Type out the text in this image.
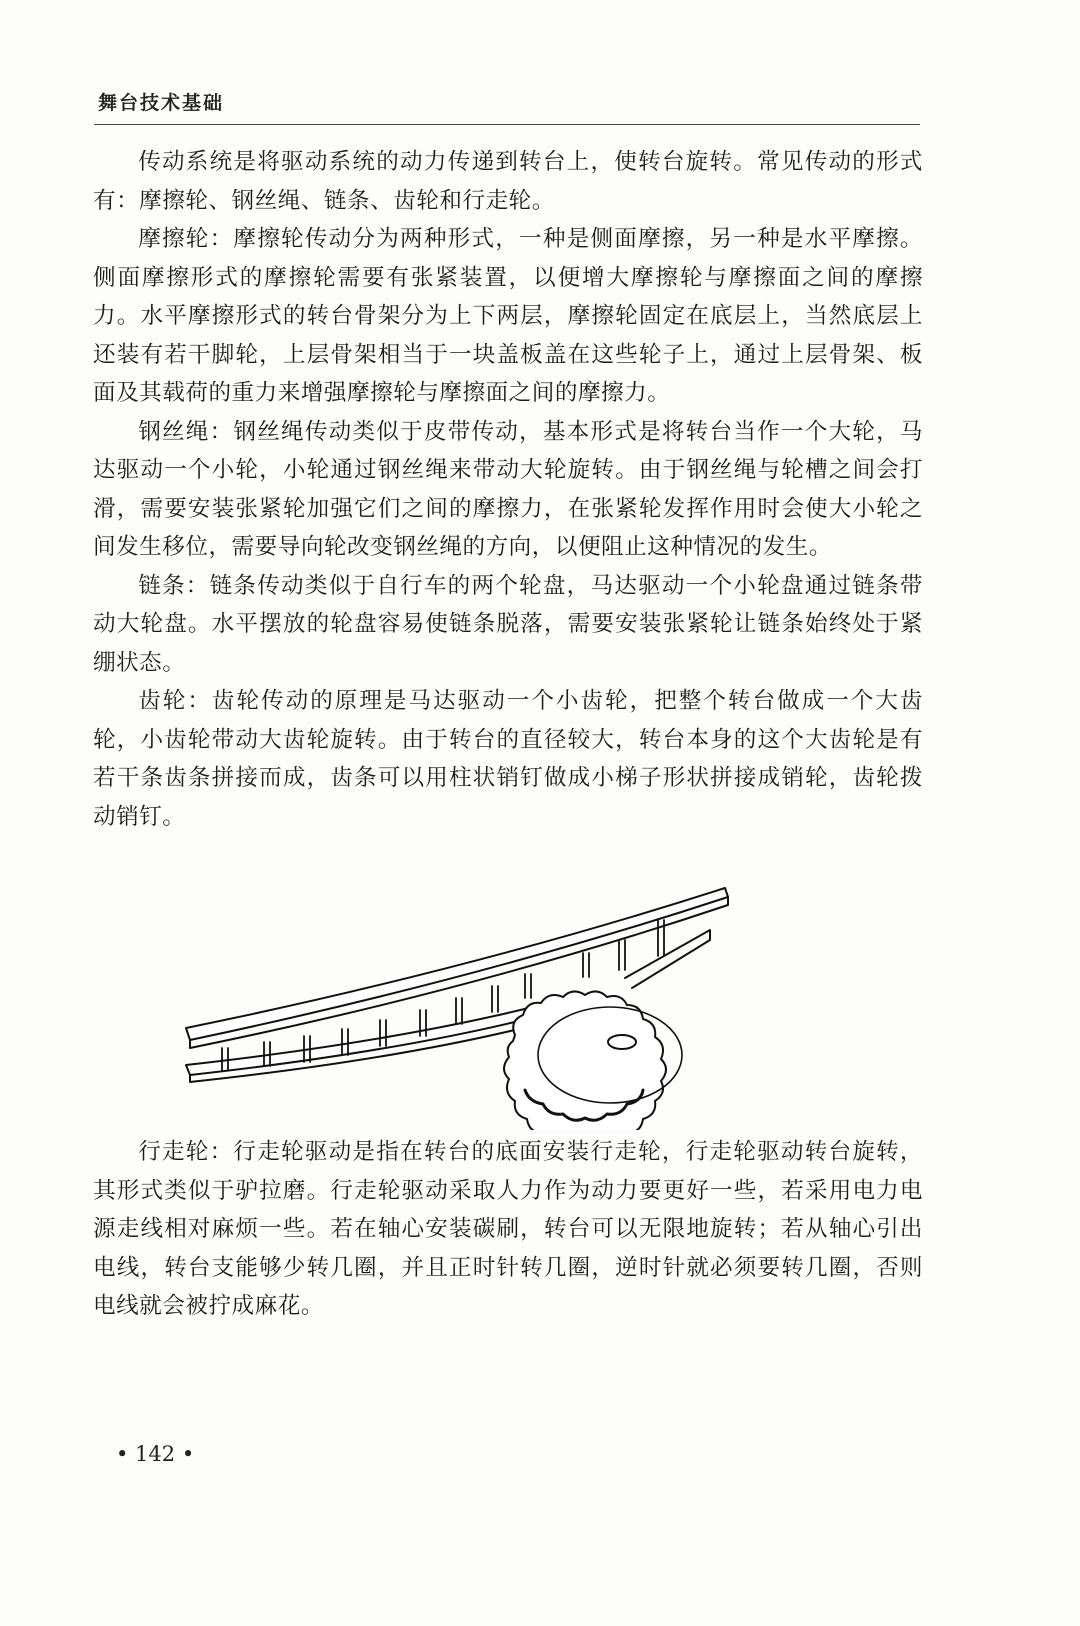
舞台技术基础

传动系统是将驱动系统的动力传递到转台上，使转台旋转。常见传动的形式有：摩擦轮、钢丝绳、链条、齿轮和行走轮。

摩擦轮：摩擦轮传动分为两种形式，一种是侧面摩擦，另一种是水平摩擦。侧面摩擦形式的摩擦轮需要有张紧装置，以便增大摩擦轮与摩擦面之间的摩擦力。水平摩擦形式的转台骨架分为上下两层，摩擦轮固定在底层上，当然底层上还装有若干脚轮，上层骨架相当于一块盖板盖在这些轮子上，通过上层骨架、板面及其载荷的重力来增强摩擦轮与摩擦面之间的摩擦力。

钢丝绳：钢丝绳传动类似于皮带传动，基本形式是将转台当作一个大轮，马达驱动一个小轮，小轮通过钢丝绳来带动大轮旋转。由于钢丝绳与轮槽之间会打滑，需要安装张紧轮加强它们之间的摩擦力，在张紧轮发挥作用时会使大小轮之间发生移位，需要导向轮改变钢丝绳的方向，以便阻止这种情况的发生。

链条：链条传动类似于自行车的两个轮盘，马达驱动一个小轮盘通过链条带动大轮盘。水平摆放的轮盘容易使链条脱落，需要安装张紧轮让链条始终处于紧绷状态。

齿轮：齿轮传动的原理是马达驱动一个小齿轮，把整个转台做成一个大齿轮，小齿轮带动大齿轮旋转。由于转台的直径较大，转台本身的这个大齿轮是有若干条齿条拼接而成，齿条可以用柱状销钉做成小梯子形状拼接成销轮，齿轮拨动销钉。

行走轮：行走轮驱动是指在转台的底面安装行走轮，行走轮驱动转台旋转，其形式类似于驴拉磨。行走轮驱动采取人力作为动力要更好一些，若采用电力电源走线相对麻烦一些。若在轴心安装碳刷，转台可以无限地旋转；若从轴心引出电线，转台支能够少转几圈，并且正时针转几圈，逆时针就必须要转几圈，否则电线就会被拧成麻花。

• 142 •
